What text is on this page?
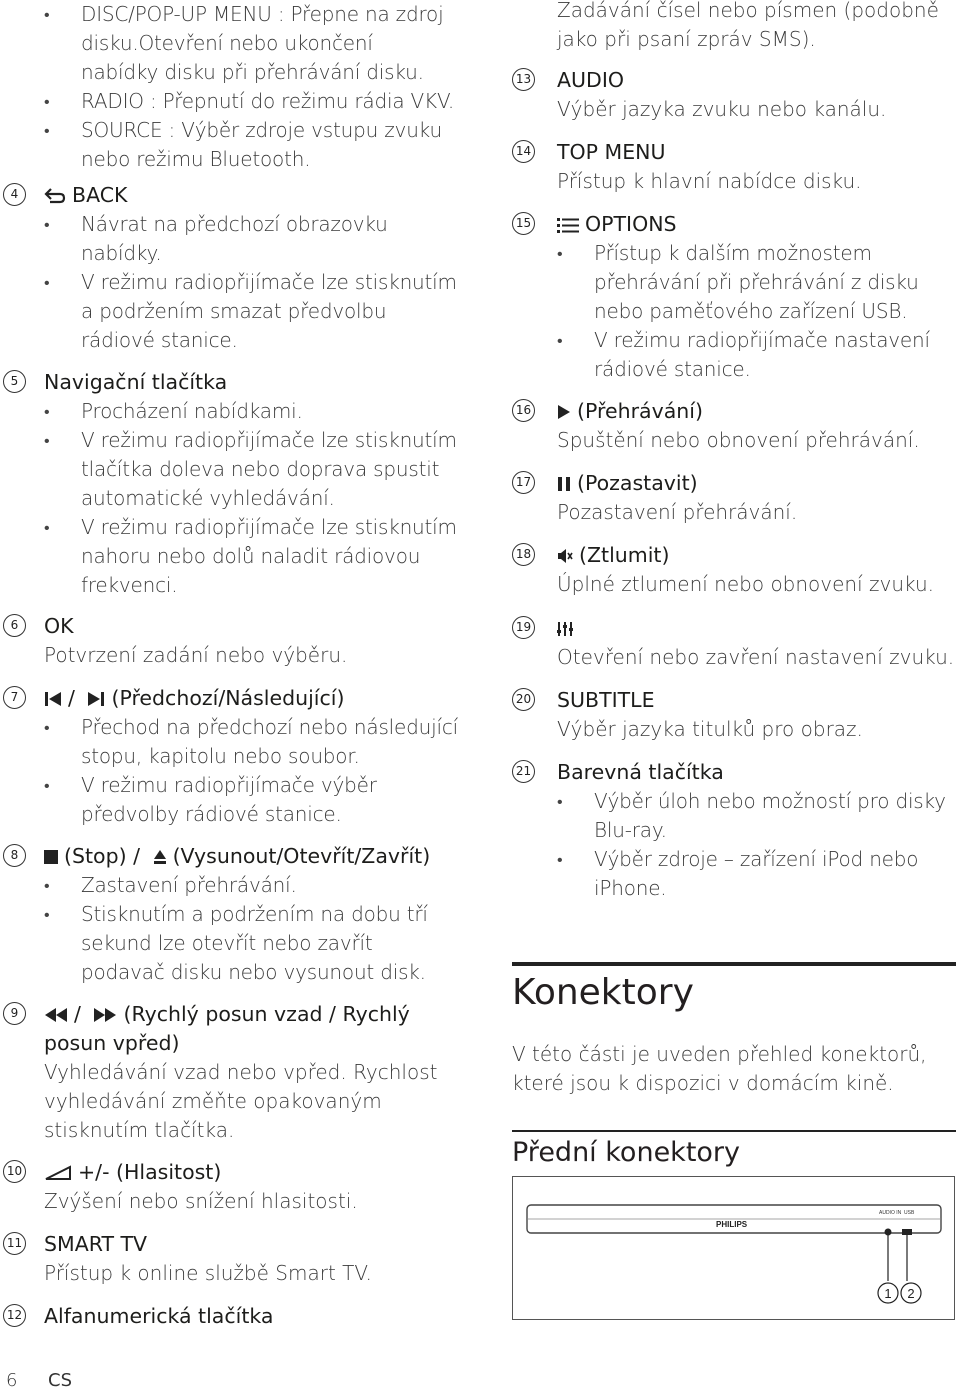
• DISC/POP-UP MENU : Přepne na zdroj disku.Otevření nebo ukončení nabídky disku při přehrávání disku.
• RADIO : Přepnutí do režimu rádia VKV.
• SOURCE : Výběr zdroje vstupu zvuku nebo režimu Bluetooth.
4	BACK
• Návrat na předchozí obrazovku nabídky.
• V režimu radiopřijímače lze stisknutím a podržením smazat předvolbu rádiové stanice.
5	Navigační tlačítka
• Procházení nabídkami.
• V režimu radiopřijímače lze stisknutím tlačítka doleva nebo doprava spustit automatické vyhledávání.
• V režimu radiopřijímače lze stisknutím nahoru nebo dolů naladit rádiovou frekvenci.
6	OK
Potvrzení zadání nebo výběru.
7	/ (Předchozí/Následující)
• Přechod na předchozí nebo následující stopu, kapitolu nebo soubor.
• V režimu radiopřijímače výběr předvolby rádiové stanice.
8	(Stop) / (Vysunout/Otevřít/Zavřít)
• Zastavení přehrávání.
• Stisknutím a podržením na dobu tří sekund lze otevřít nebo zavřít podavač disku nebo vysunout disk.
9	/ (Rychlý posun vzad / Rychlý posun vpřed)
Vyhledávání vzad nebo vpřed. Rychlost vyhledávání změňte opakovaným stisknutím tlačítka.
10	+/- (Hlasitost)
Zvýšení nebo snížení hlasitosti.
11 SMART TV
Přístup k online službě Smart TV.
12 Alfanumerická tlačítka
Zadávání čísel nebo písmen (podobně jako při psaní zpráv SMS).
13 AUDIO
Výběr jazyka zvuku nebo kanálu.
14 TOP MENU
Přístup k hlavní nabídce disku.
15	OPTIONS
• Přístup k dalším možnostem přehrávání při přehrávání z disku nebo paměťového zařízení USB.
• V režimu radiopřijímače nastavení rádiové stanice.
16	(Přehrávání)
Spuštění nebo obnovení přehrávání.
17	(Pozastavit)
Pozastavení přehrávání.
18	(Ztlumit)
Úplné ztlumení nebo obnovení zvuku.
19
Otevření nebo zavření nastavení zvuku.
20 SUBTITLE
Výběr jazyka titulků pro obraz.
21 Barevná tlačítka
• Výběr úloh nebo možností pro disky Blu-ray.
• Výběr zdroje – zařízení iPod nebo iPhone.
Konektory
V této části je uveden přehled konektorů, které jsou k dispozici v domácím kině.
Přední konektory
PHILIPS
AUDIO IN USB
1 2
6 CS
